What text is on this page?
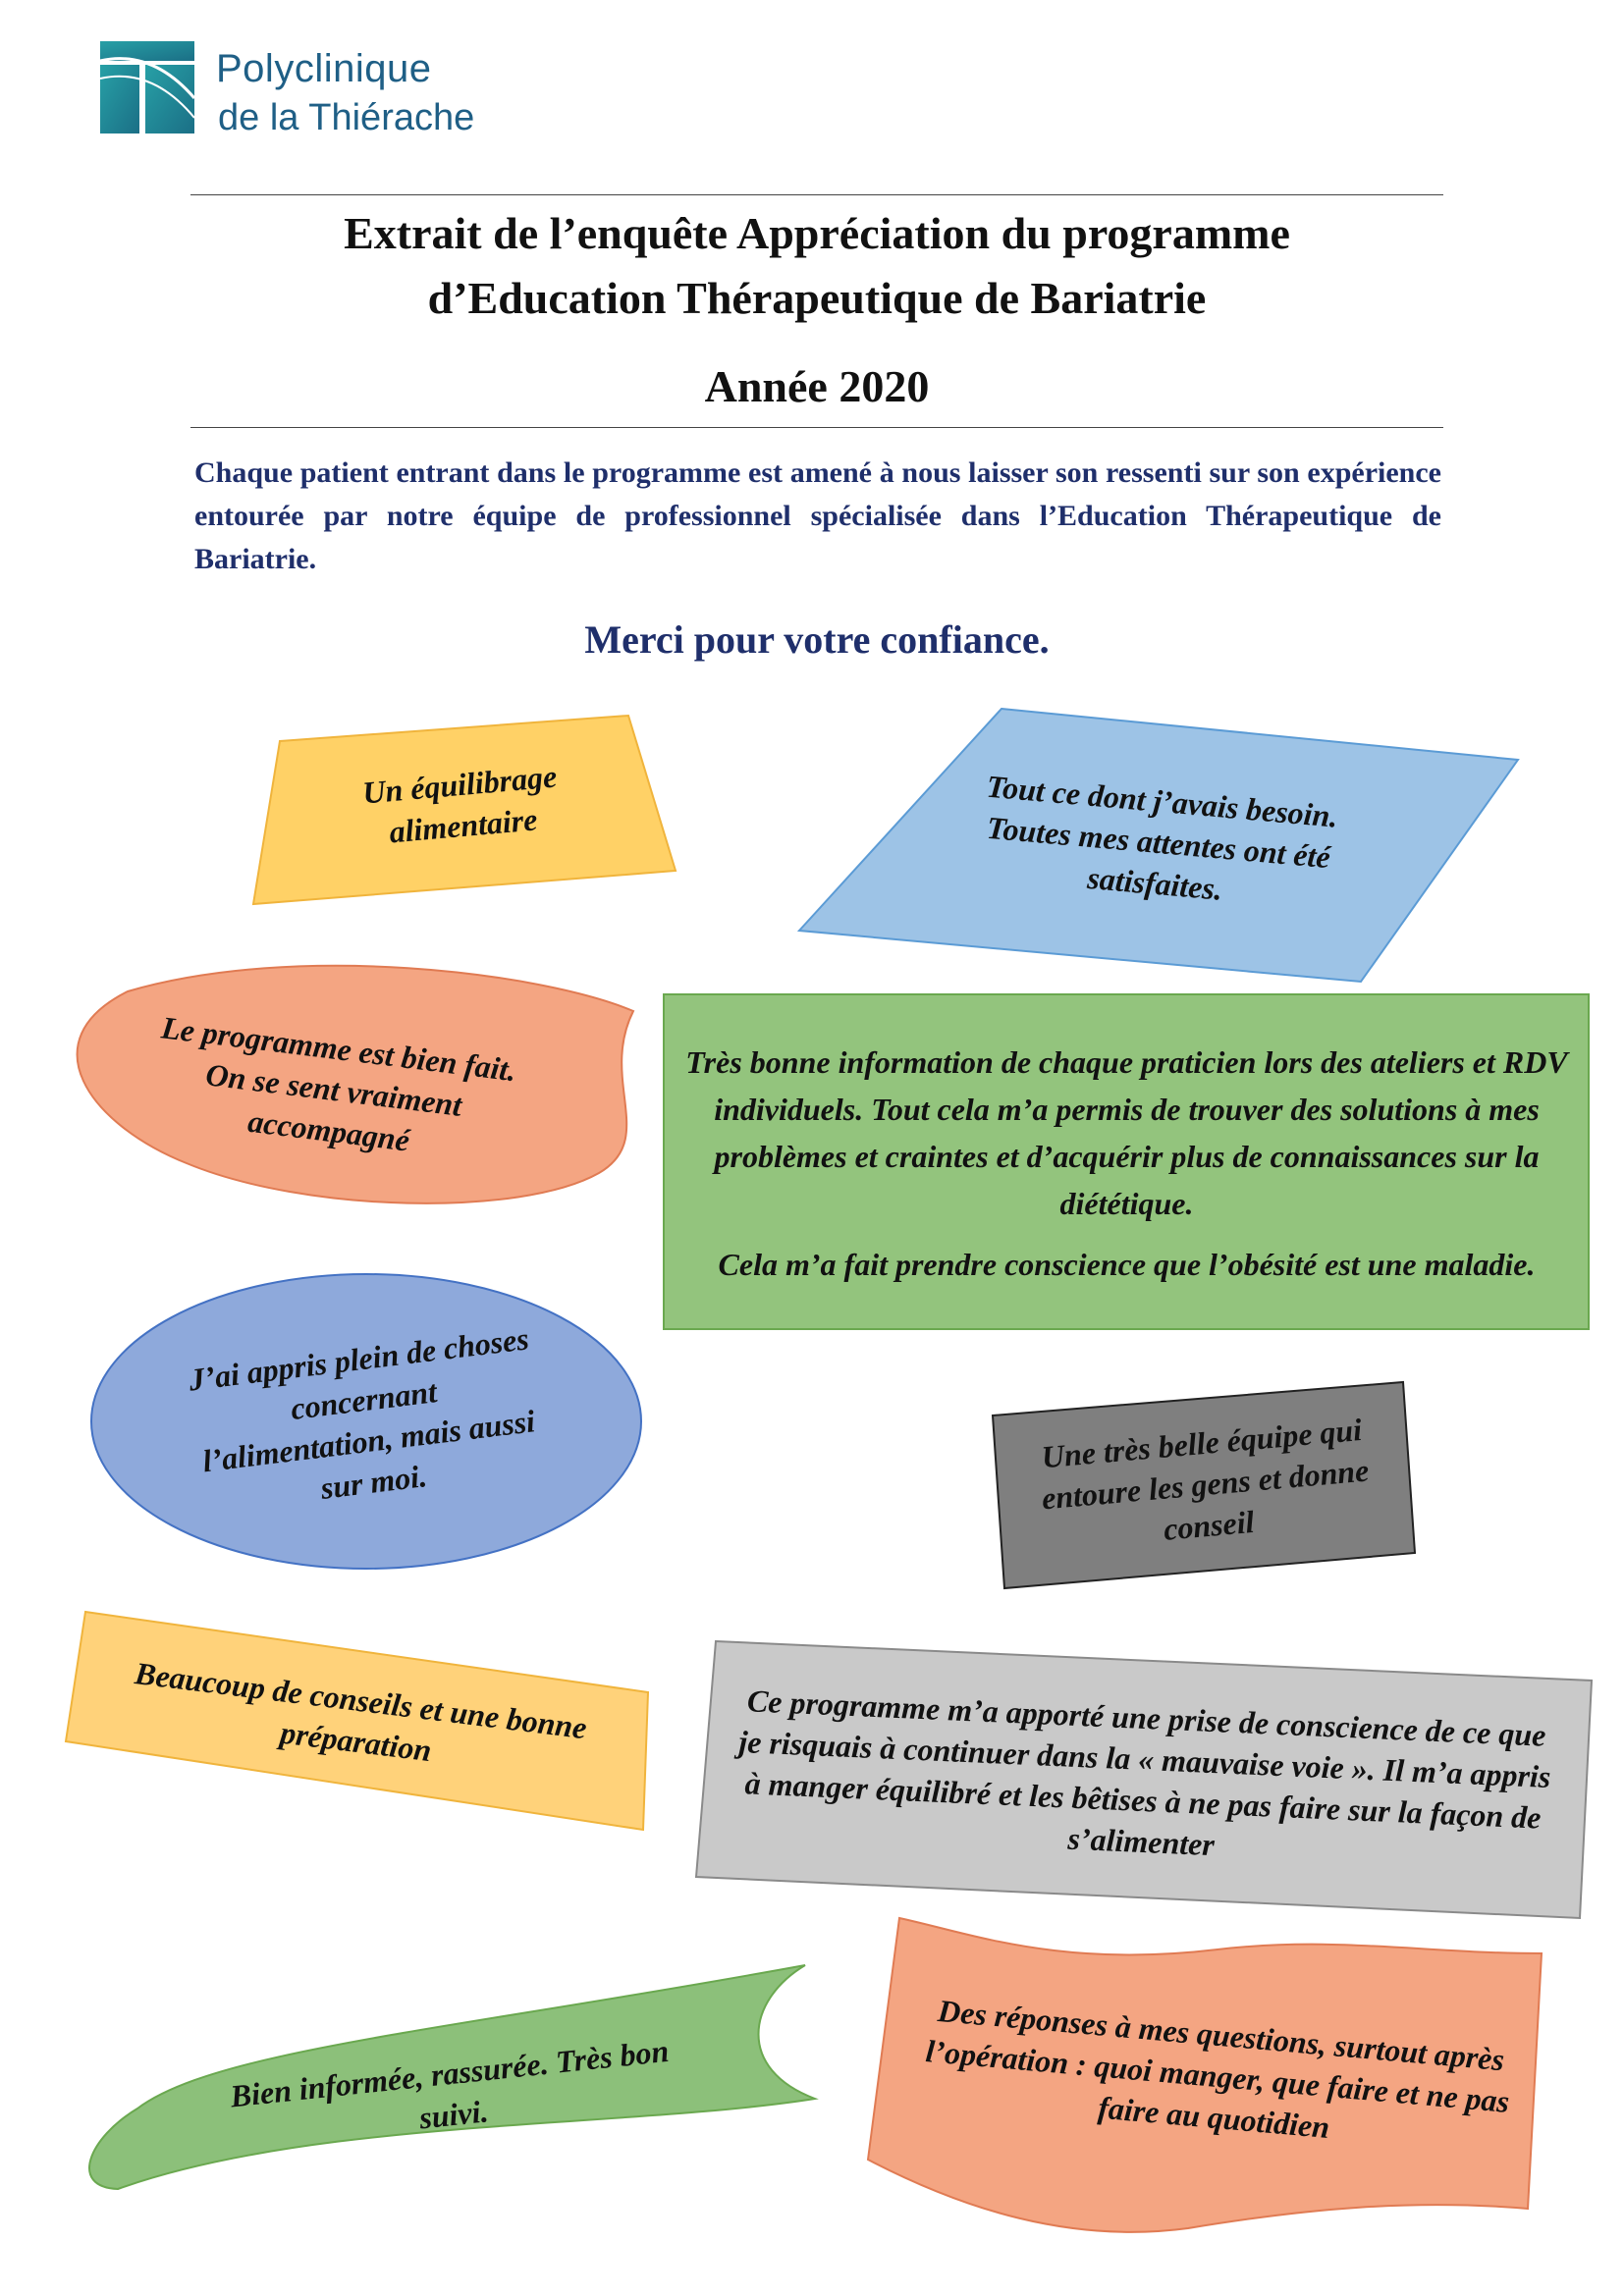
Polyclinique
de la Thiérache
Extrait de l’enquête Appréciation du programme
d’Education Thérapeutique de Bariatrie
Année 2020

Chaque patient entrant dans le programme est amené à nous laisser son ressenti sur son expérience entourée par notre équipe de professionnel spécialisée dans l’Education Thérapeutique de Bariatrie.

Merci pour votre confiance.

Un équilibrage alimentaire	Tout ce dont j’avais besoin. Toutes mes attentes ont été satisfaites.

Le programme est bien fait. On se sent vraiment accompagné

Très bonne information de chaque praticien lors des ateliers et RDV individuels. Tout cela m’a permis de trouver des solutions à mes problèmes et craintes et d’acquérir plus de connaissances sur la diététique.

Cela m’a fait prendre conscience que l’obésité est une maladie.

J’ai appris plein de choses concernant l’alimentation, mais aussi sur moi.

Une très belle équipe qui entoure les gens et donne conseil

Beaucoup de conseils et une bonne préparation	Ce programme m’a apporté une prise de conscience de ce que je risquais à continuer dans la « mauvaise voie ». Il m’a appris à manger équilibré et les bêtises à ne pas faire sur la façon de s’alimenter

Bien informée, rassurée. Très bon suivi.

Des réponses à mes questions, surtout après l’opération : quoi manger, que faire et ne pas faire au quotidien
